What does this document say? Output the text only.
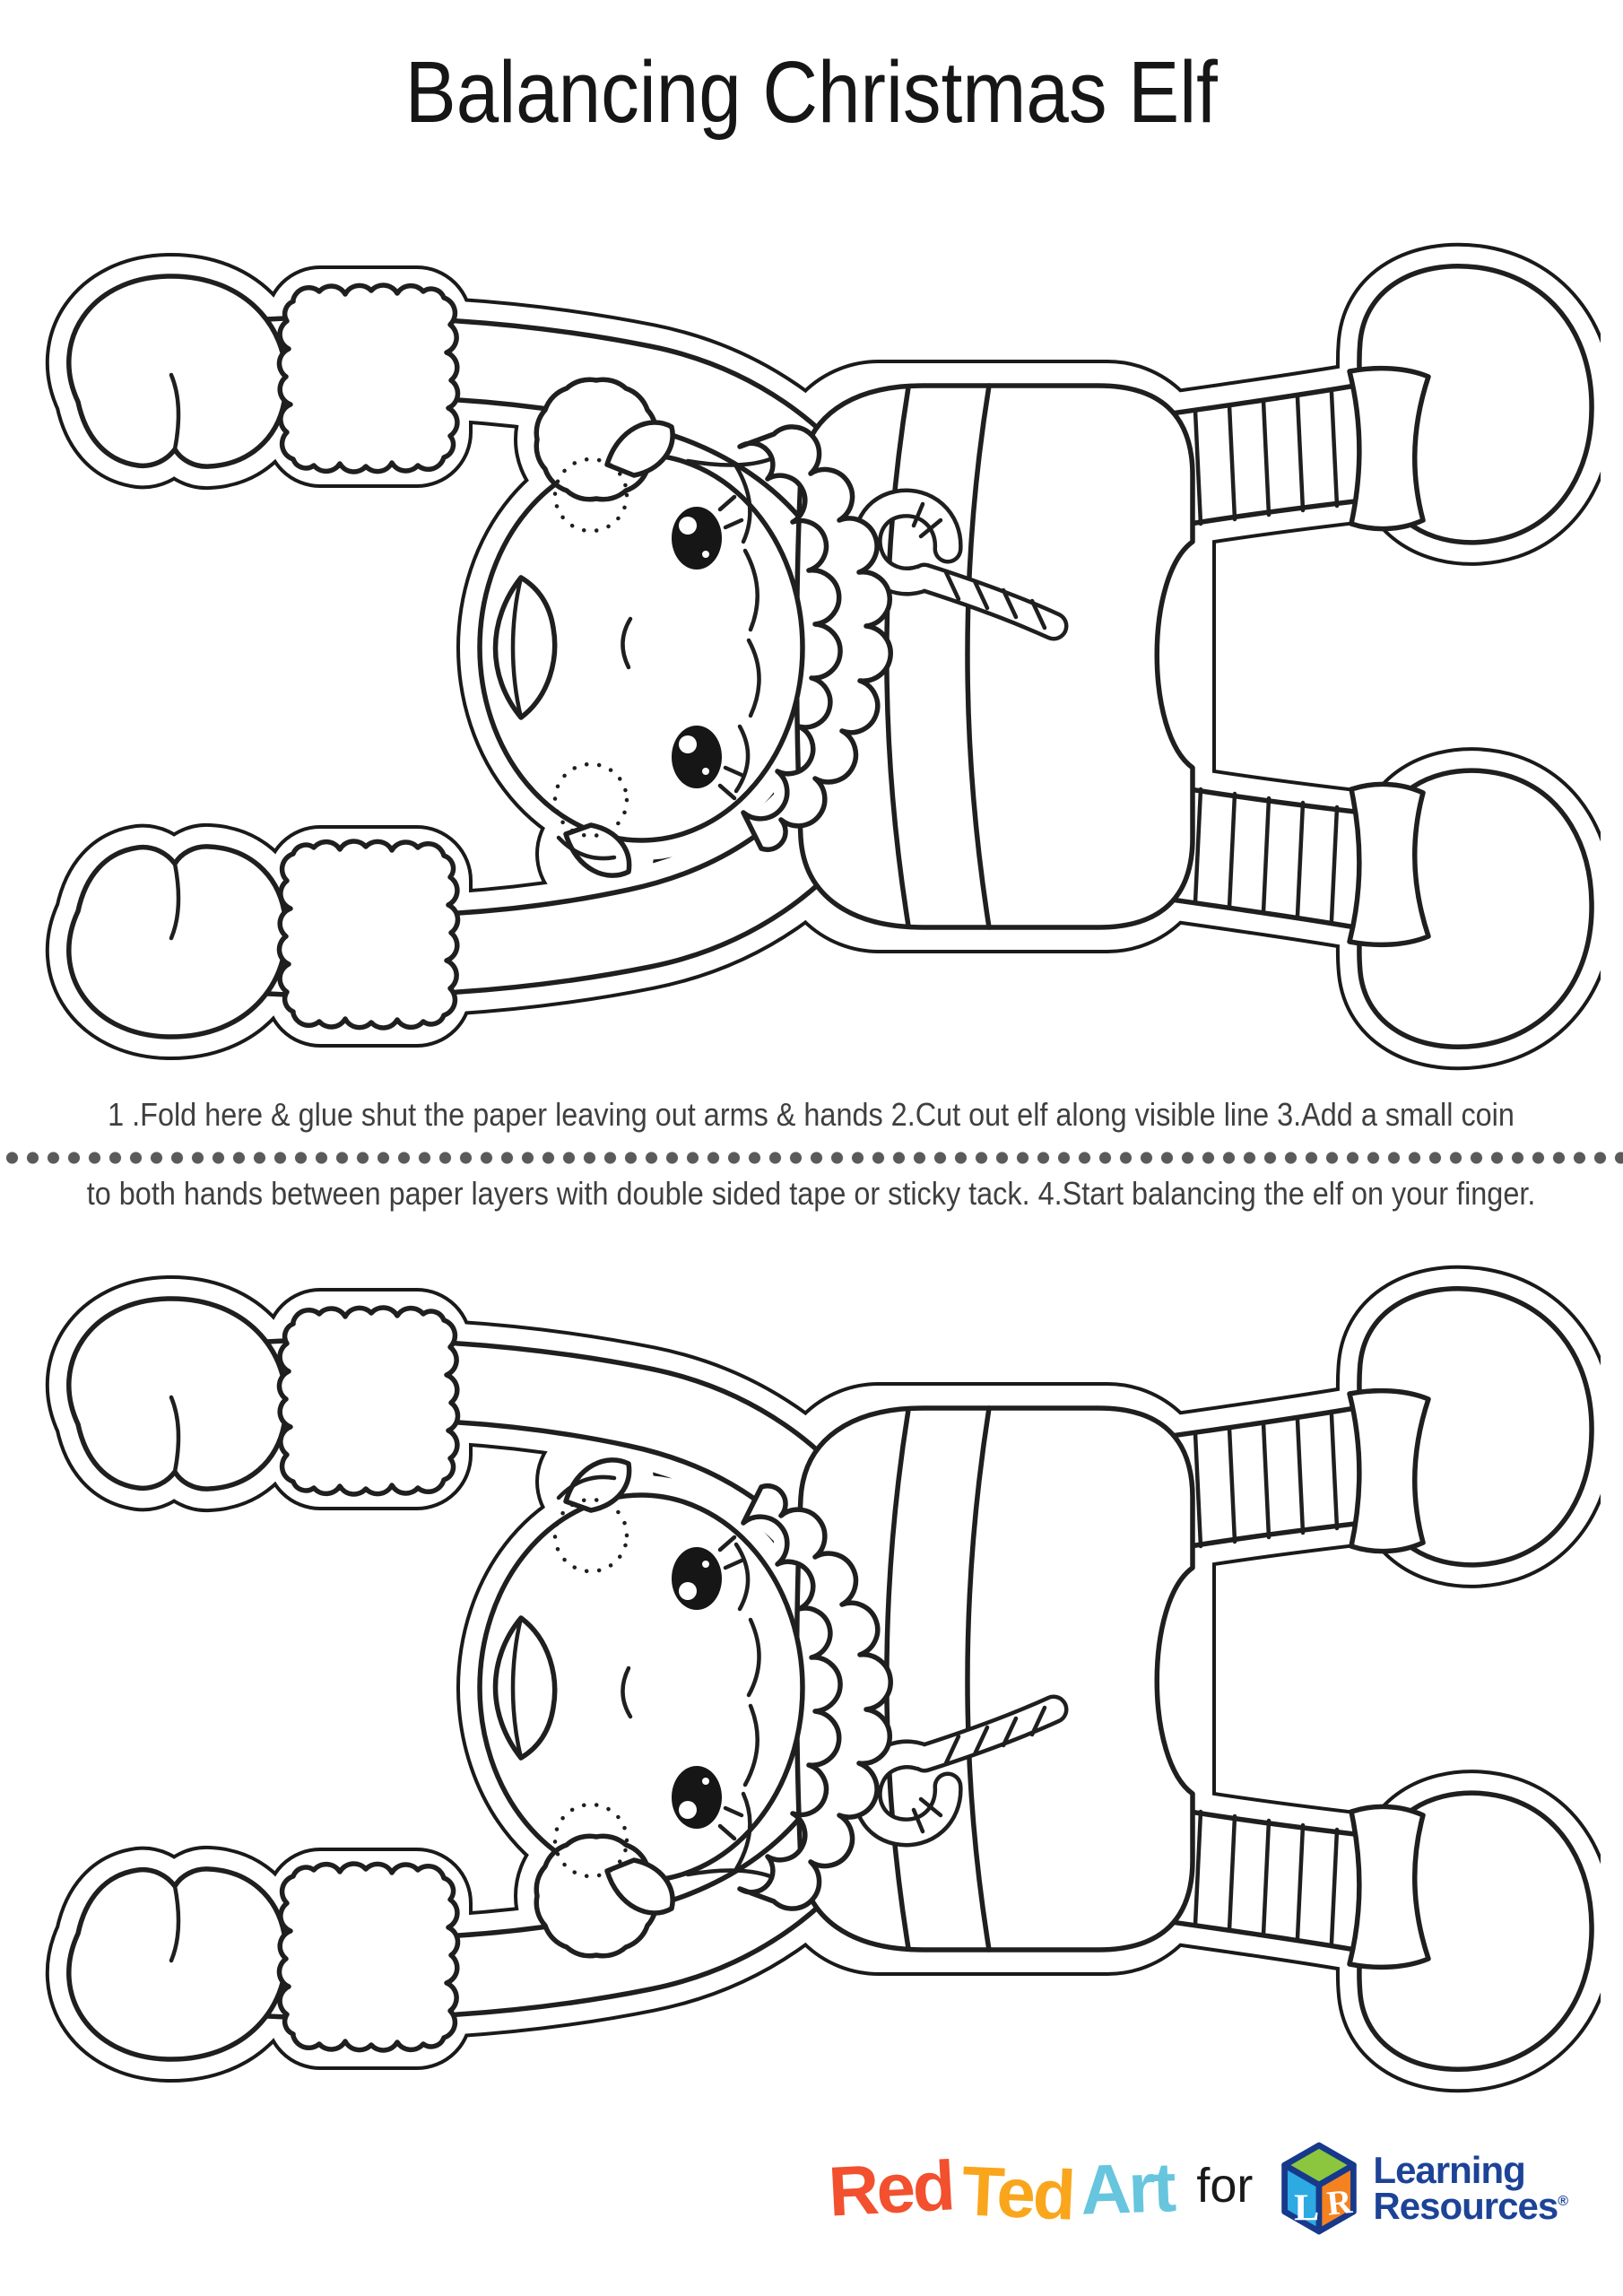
Balancing Christmas Elf
1 .Fold here & glue shut the paper leaving out arms & hands 2.Cut out elf along visible line 3.Add a small coin
to both hands between paper layers with double sided tape or sticky tack. 4.Start balancing the elf on your finger.
Red Ted Art for L R
Learning
Resources®
